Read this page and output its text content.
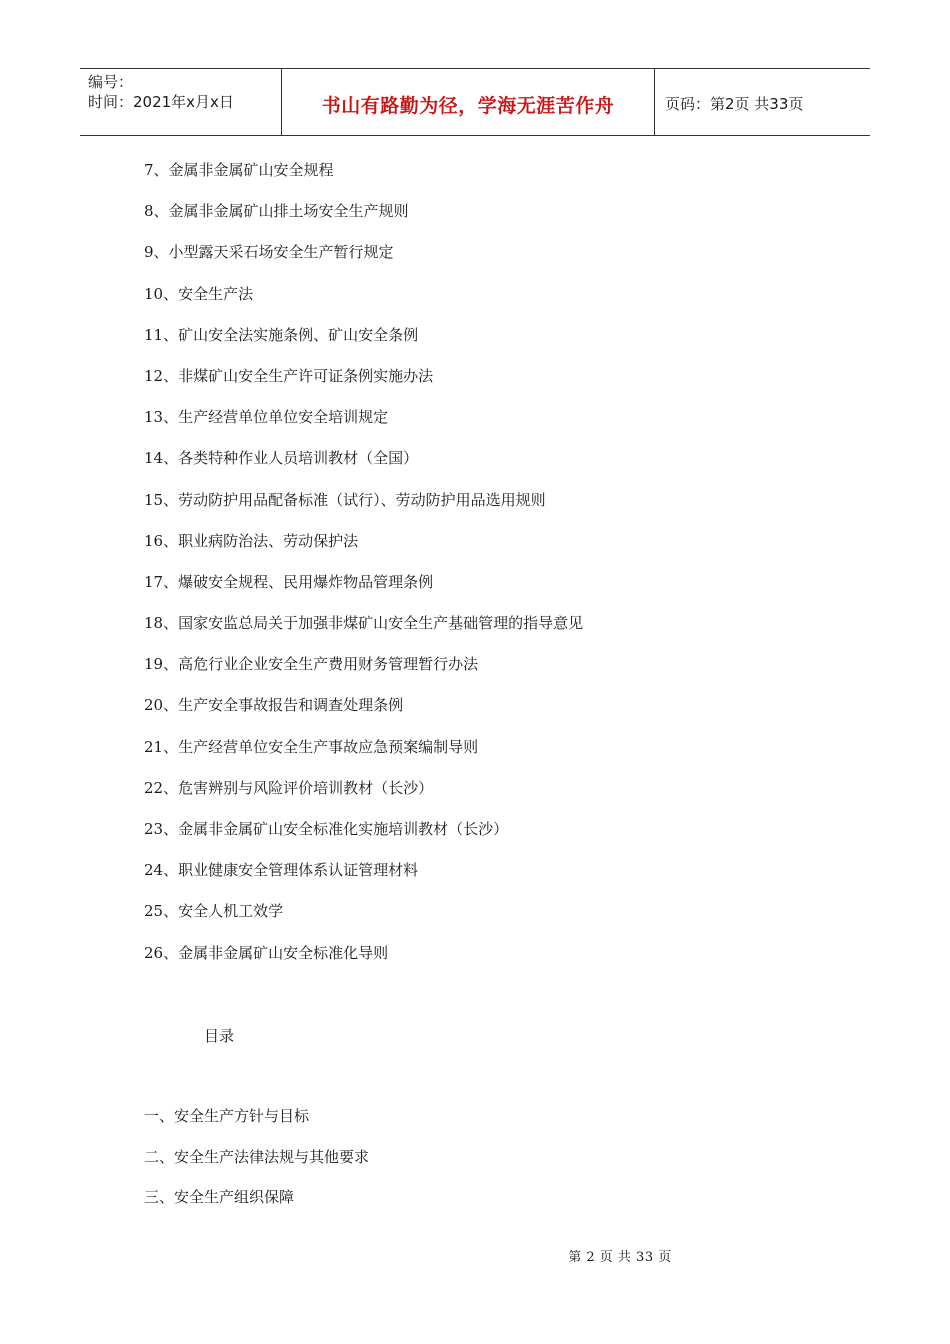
编号：
时间：2021年x月x日	书山有路勤为径，学海无涯苦作舟	页码：第2页 共33页
7、金属非金属矿山安全规程
8、金属非金属矿山排土场安全生产规则
9、小型露天采石场安全生产暂行规定
10、安全生产法
11、矿山安全法实施条例、矿山安全条例
12、非煤矿山安全生产许可证条例实施办法
13、生产经营单位单位安全培训规定
14、各类特种作业人员培训教材（全国）
15、劳动防护用品配备标准（试行）、劳动防护用品选用规则
16、职业病防治法、劳动保护法
17、爆破安全规程、民用爆炸物品管理条例
18、国家安监总局关于加强非煤矿山安全生产基础管理的指导意见
19、高危行业企业安全生产费用财务管理暂行办法
20、生产安全事故报告和调查处理条例
21、生产经营单位安全生产事故应急预案编制导则
22、危害辨别与风险评价培训教材（长沙）
23、金属非金属矿山安全标准化实施培训教材（长沙）
24、职业健康安全管理体系认证管理材料
25、安全人机工效学
26、金属非金属矿山安全标准化导则
目录
一、安全生产方针与目标
二、安全生产法律法规与其他要求
三、安全生产组织保障
第 2 页 共 33 页
